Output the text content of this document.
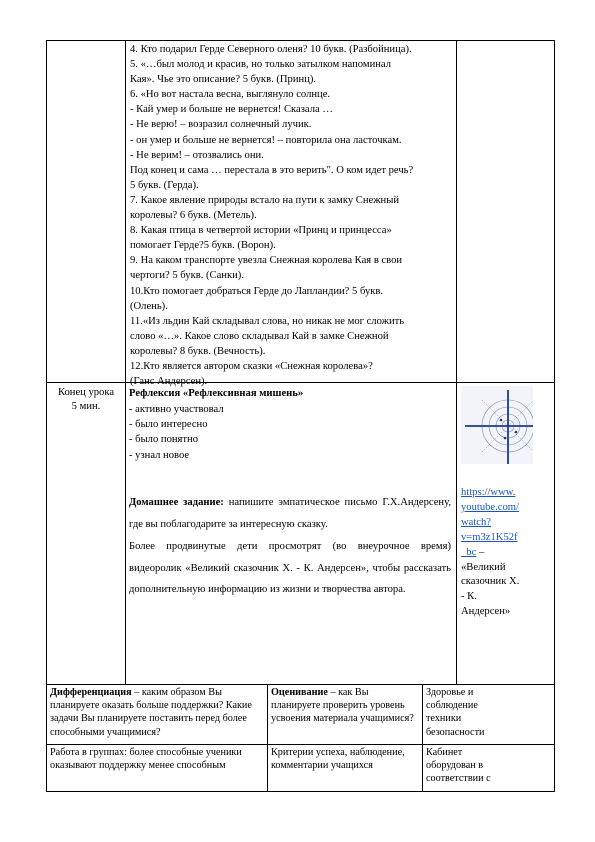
4. Кто подарил Герде Северного оленя? 10 букв. (Разбойница).
5. «…был молод и красив, но только затылком напоминал
Кая». Чье это описание? 5 букв. (Принц).
6. «Но вот настала весна, выглянуло солнце.
- Кай умер и больше не вернется! Сказала …
- Не верю! – возразил солнечный лучик.
- он умер и больше не вернется! – повторила она ласточкам.
- Не верим! – отозвались они.
Под конец и сама … перестала в это верить". О ком идет речь?
5 букв. (Герда).
7. Какое явление природы встало на пути к замку Снежный
королевы? 6 букв. (Метель).
8. Какая птица в четвертой истории «Принц и принцесса»
помогает Герде?5 букв. (Ворон).
9. На каком транспорте увезла Снежная королева Кая в свои
чертоги? 5 букв. (Санки).
10.Кто помогает добраться Герде до Лапландии? 5 букв.
(Олень).
11.«Из льдин Кай складывал слова, но никак не мог сложить
слово «…». Какое слово складывал Кай в замке Снежной
королевы? 8 букв. (Вечность).
12.Кто является автором сказки «Снежная королева»?
(Ганс Андерсен).
Конец урока
5 мин.
Рефлексия «Рефлексивная мишень»
- активно участвовал
- было интересно
- было понятно
- узнал новое
Домашнее задание: напишите эмпатическое письмо Г.Х.Андерсену, где вы поблагодарите за интересную сказку.
Более продвинутые дети просмотрят (во внеурочное время) видеоролик «Великий сказочник Х. - К. Андерсен», чтобы рассказать дополнительную информацию из жизни и творчества автора.
https://www.
youtube.com/
watch?
v=m3z1K52f
_bc –
«Великий
сказочник Х.
- К.
Андерсен»
Дифференциация – каким образом Вы планируете оказать больше поддержки? Какие задачи Вы планируете поставить перед более способными учащимися?
Оценивание – как Вы планируете проверить уровень усвоения материала учащимися?
Здоровье и соблюдение техники безопасности
Работа в группах: более способные ученики оказывают поддержку менее способным
Критерии успеха, наблюдение, комментарии учащихся
Кабинет оборудован в соответствии с
